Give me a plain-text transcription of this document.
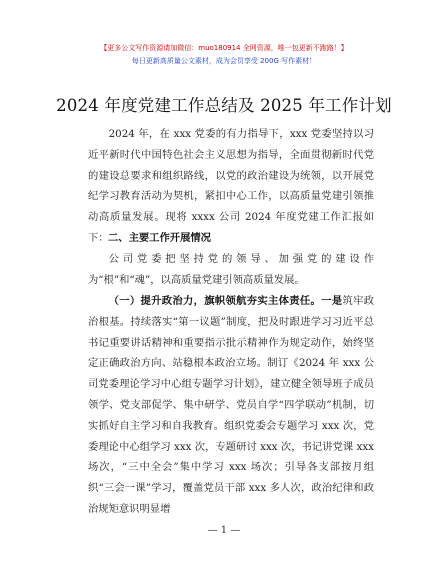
【更多公文写作资源请加微信：muo180914 全网资源，唯一包更新不跑路！】
每日更新高质量公文素材，成为会员享受 200G 写作素材！
2024 年度党建工作总结及 2025 年工作计划
2024 年，在 xxx 党委的有力指导下，xxx 党委坚持以习近平新时代中国特色社会主义思想为指导，全面贯彻新时代党的建设总要求和组织路线，以党的政治建设为统领，以开展党纪学习教育活动为契机，紧扣中心工作，以高质量党建引领推动高质量发展。现将 xxxx 公司 2024 年度党建工作汇报如下： 二、主要工作开展情况
公司党委把坚持党的领导、加强党的建设作为“根”和“魂”，以高质量党建引领高质量发展。
（一）提升政治力，旗帜领航夯实主体责任。一是筑牢政治根基。持续落实“第一议题”制度，把及时跟进学习习近平总书记重要讲话精神和重要指示批示精神作为规定动作，始终坚定正确政治方向、站稳根本政治立场。制订《2024 年 xxx 公司党委理论学习中心组专题学习计划》，建立健全领导班子成员领学、党支部促学、集中研学、党员自学“四学联动”机制，切实抓好自主学习和自我教育。组织党委会专题学习 xxx 次，党委理论中心组学习 xxx 次，专题研讨 xxx 次，书记讲党课 xxx 场次，“三中全会”集中学习 xxx 场次；引导各支部按月组织“三会一课”学习，覆盖党员干部 xxx 多人次，政治纪律和政治规矩意识明显增
— 1 —
